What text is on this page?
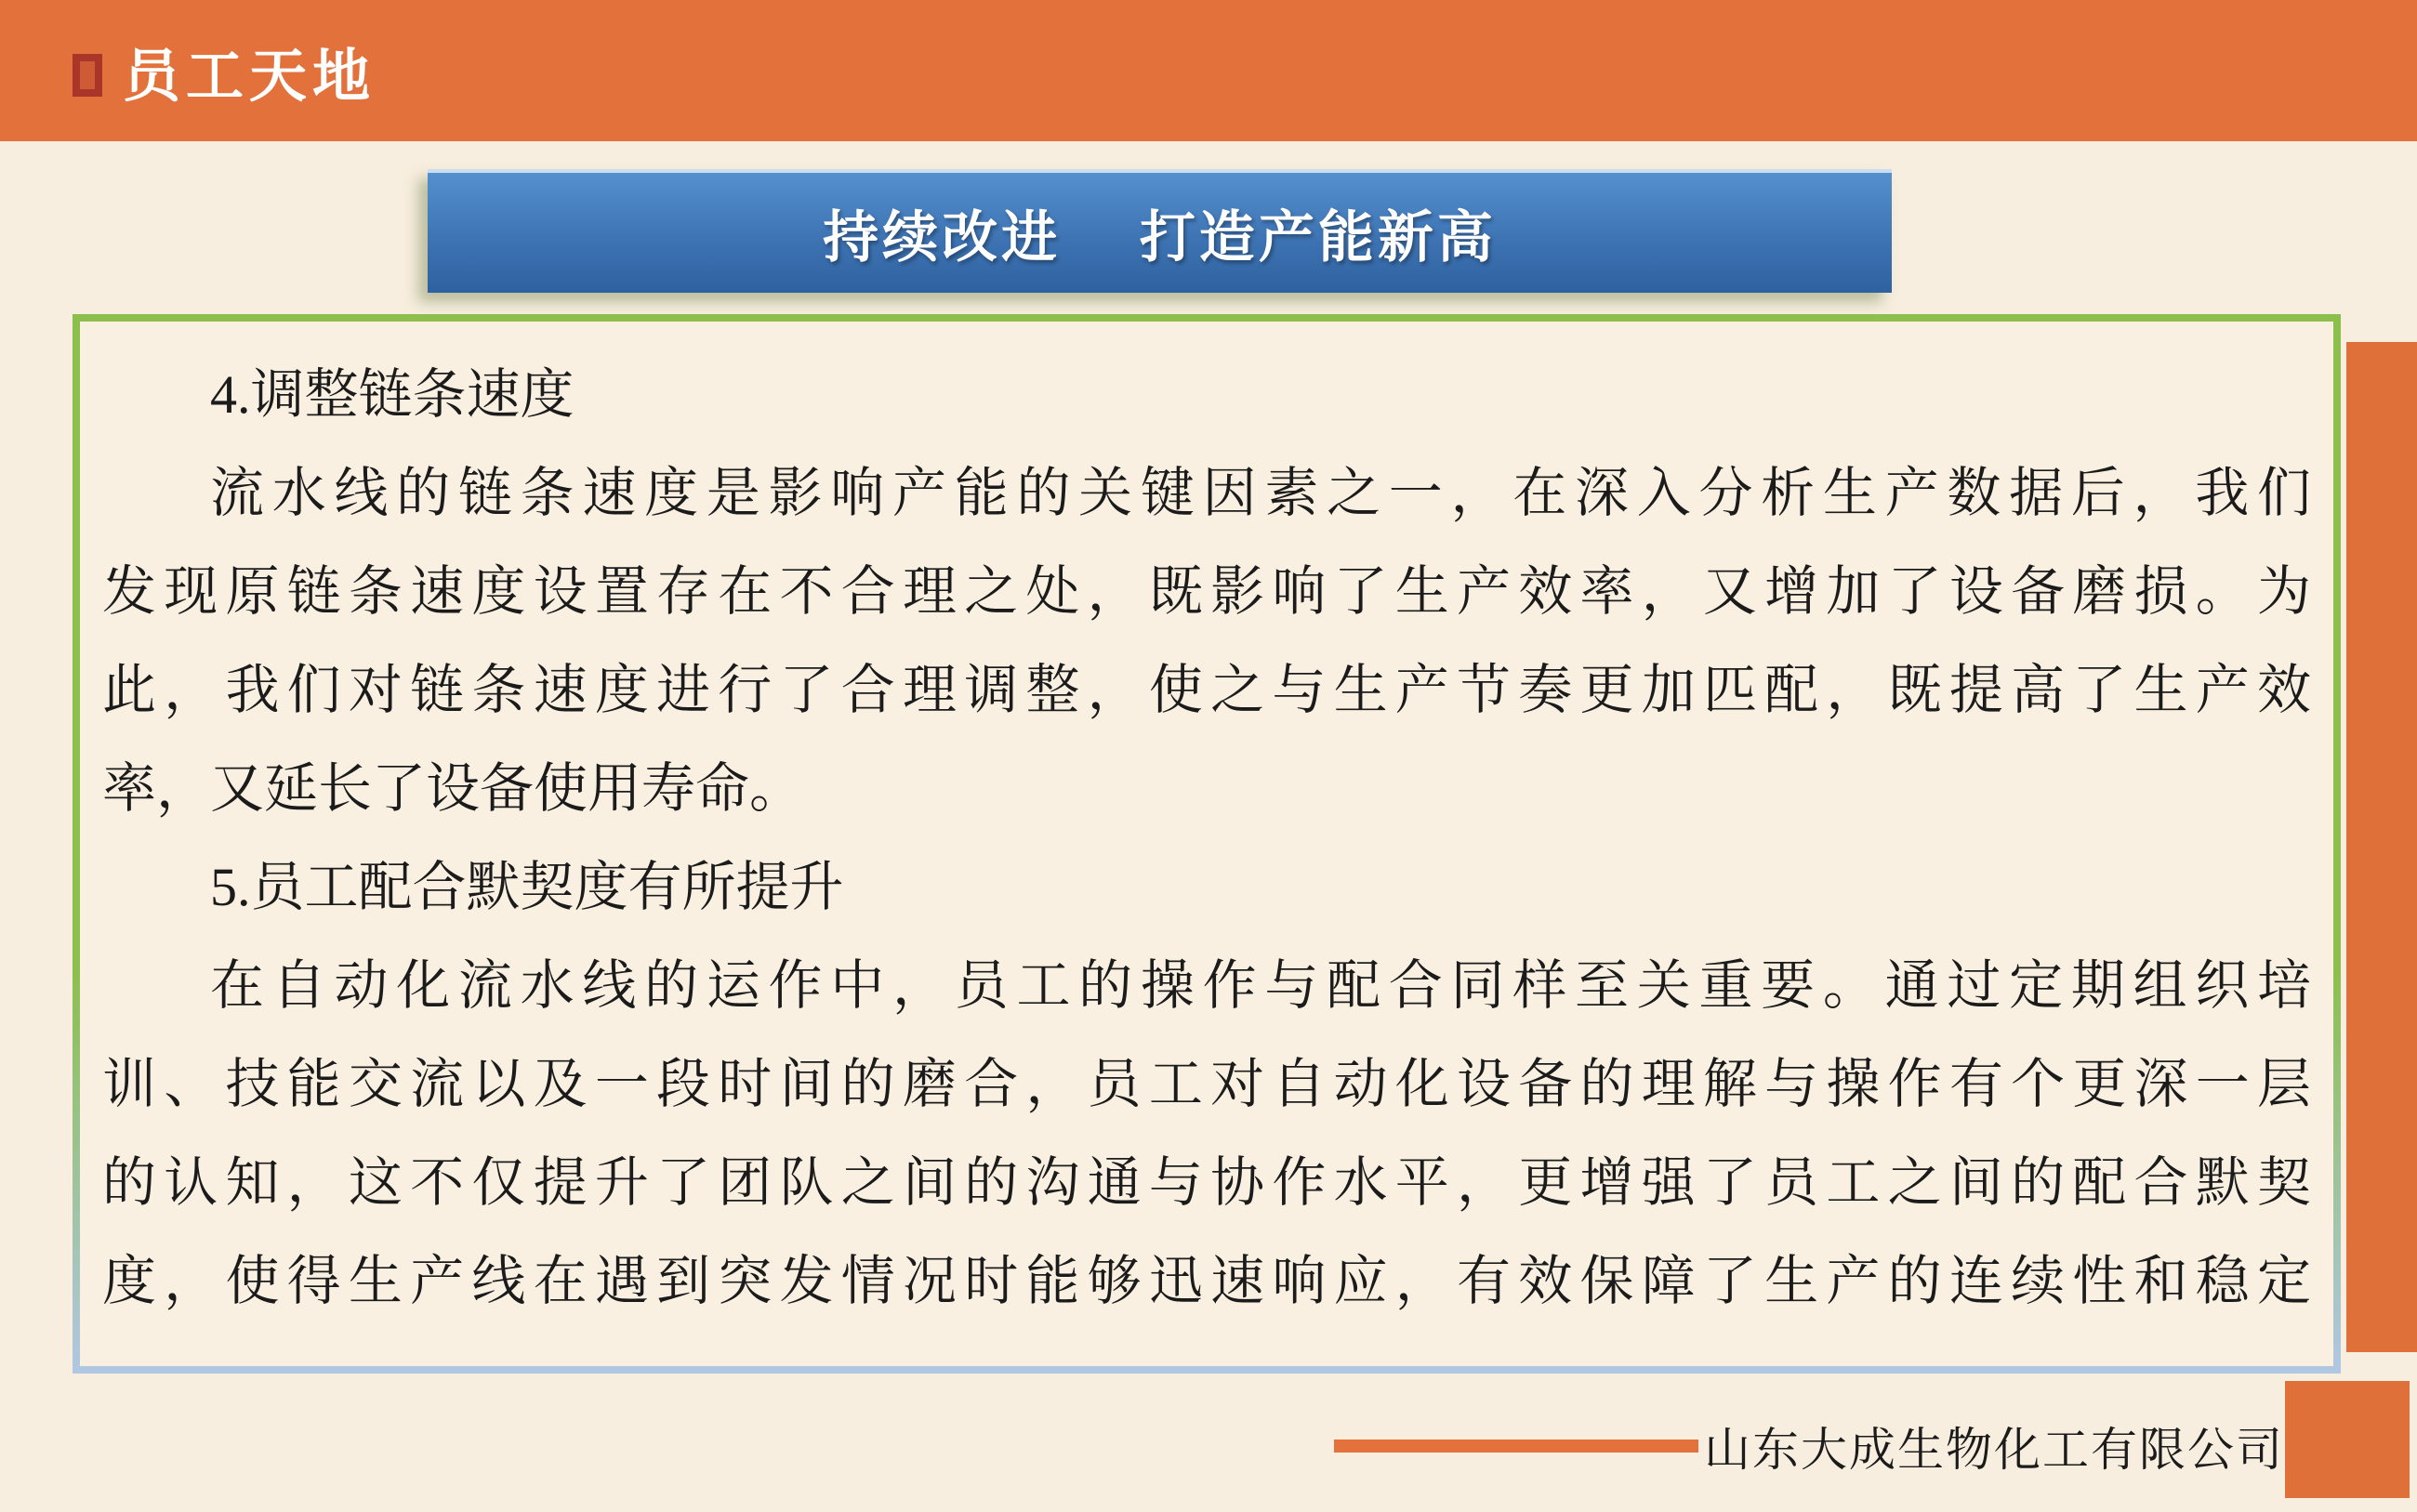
员工天地
持续改进　 打造产能新高
4.调整链条速度
流水线的链条速度是影响产能的关键因素之一，在深入分析生产数据后，我们
发现原链条速度设置存在不合理之处，既影响了生产效率，又增加了设备磨损。为
此，我们对链条速度进行了合理调整，使之与生产节奏更加匹配，既提高了生产效
率，又延长了设备使用寿命。
5.员工配合默契度有所提升
在自动化流水线的运作中，员工的操作与配合同样至关重要。通过定期组织培
训、技能交流以及一段时间的磨合，员工对自动化设备的理解与操作有个更深一层
的认知，这不仅提升了团队之间的沟通与协作水平，更增强了员工之间的配合默契
度，使得生产线在遇到突发情况时能够迅速响应，有效保障了生产的连续性和稳定
山东大成生物化工有限公司
